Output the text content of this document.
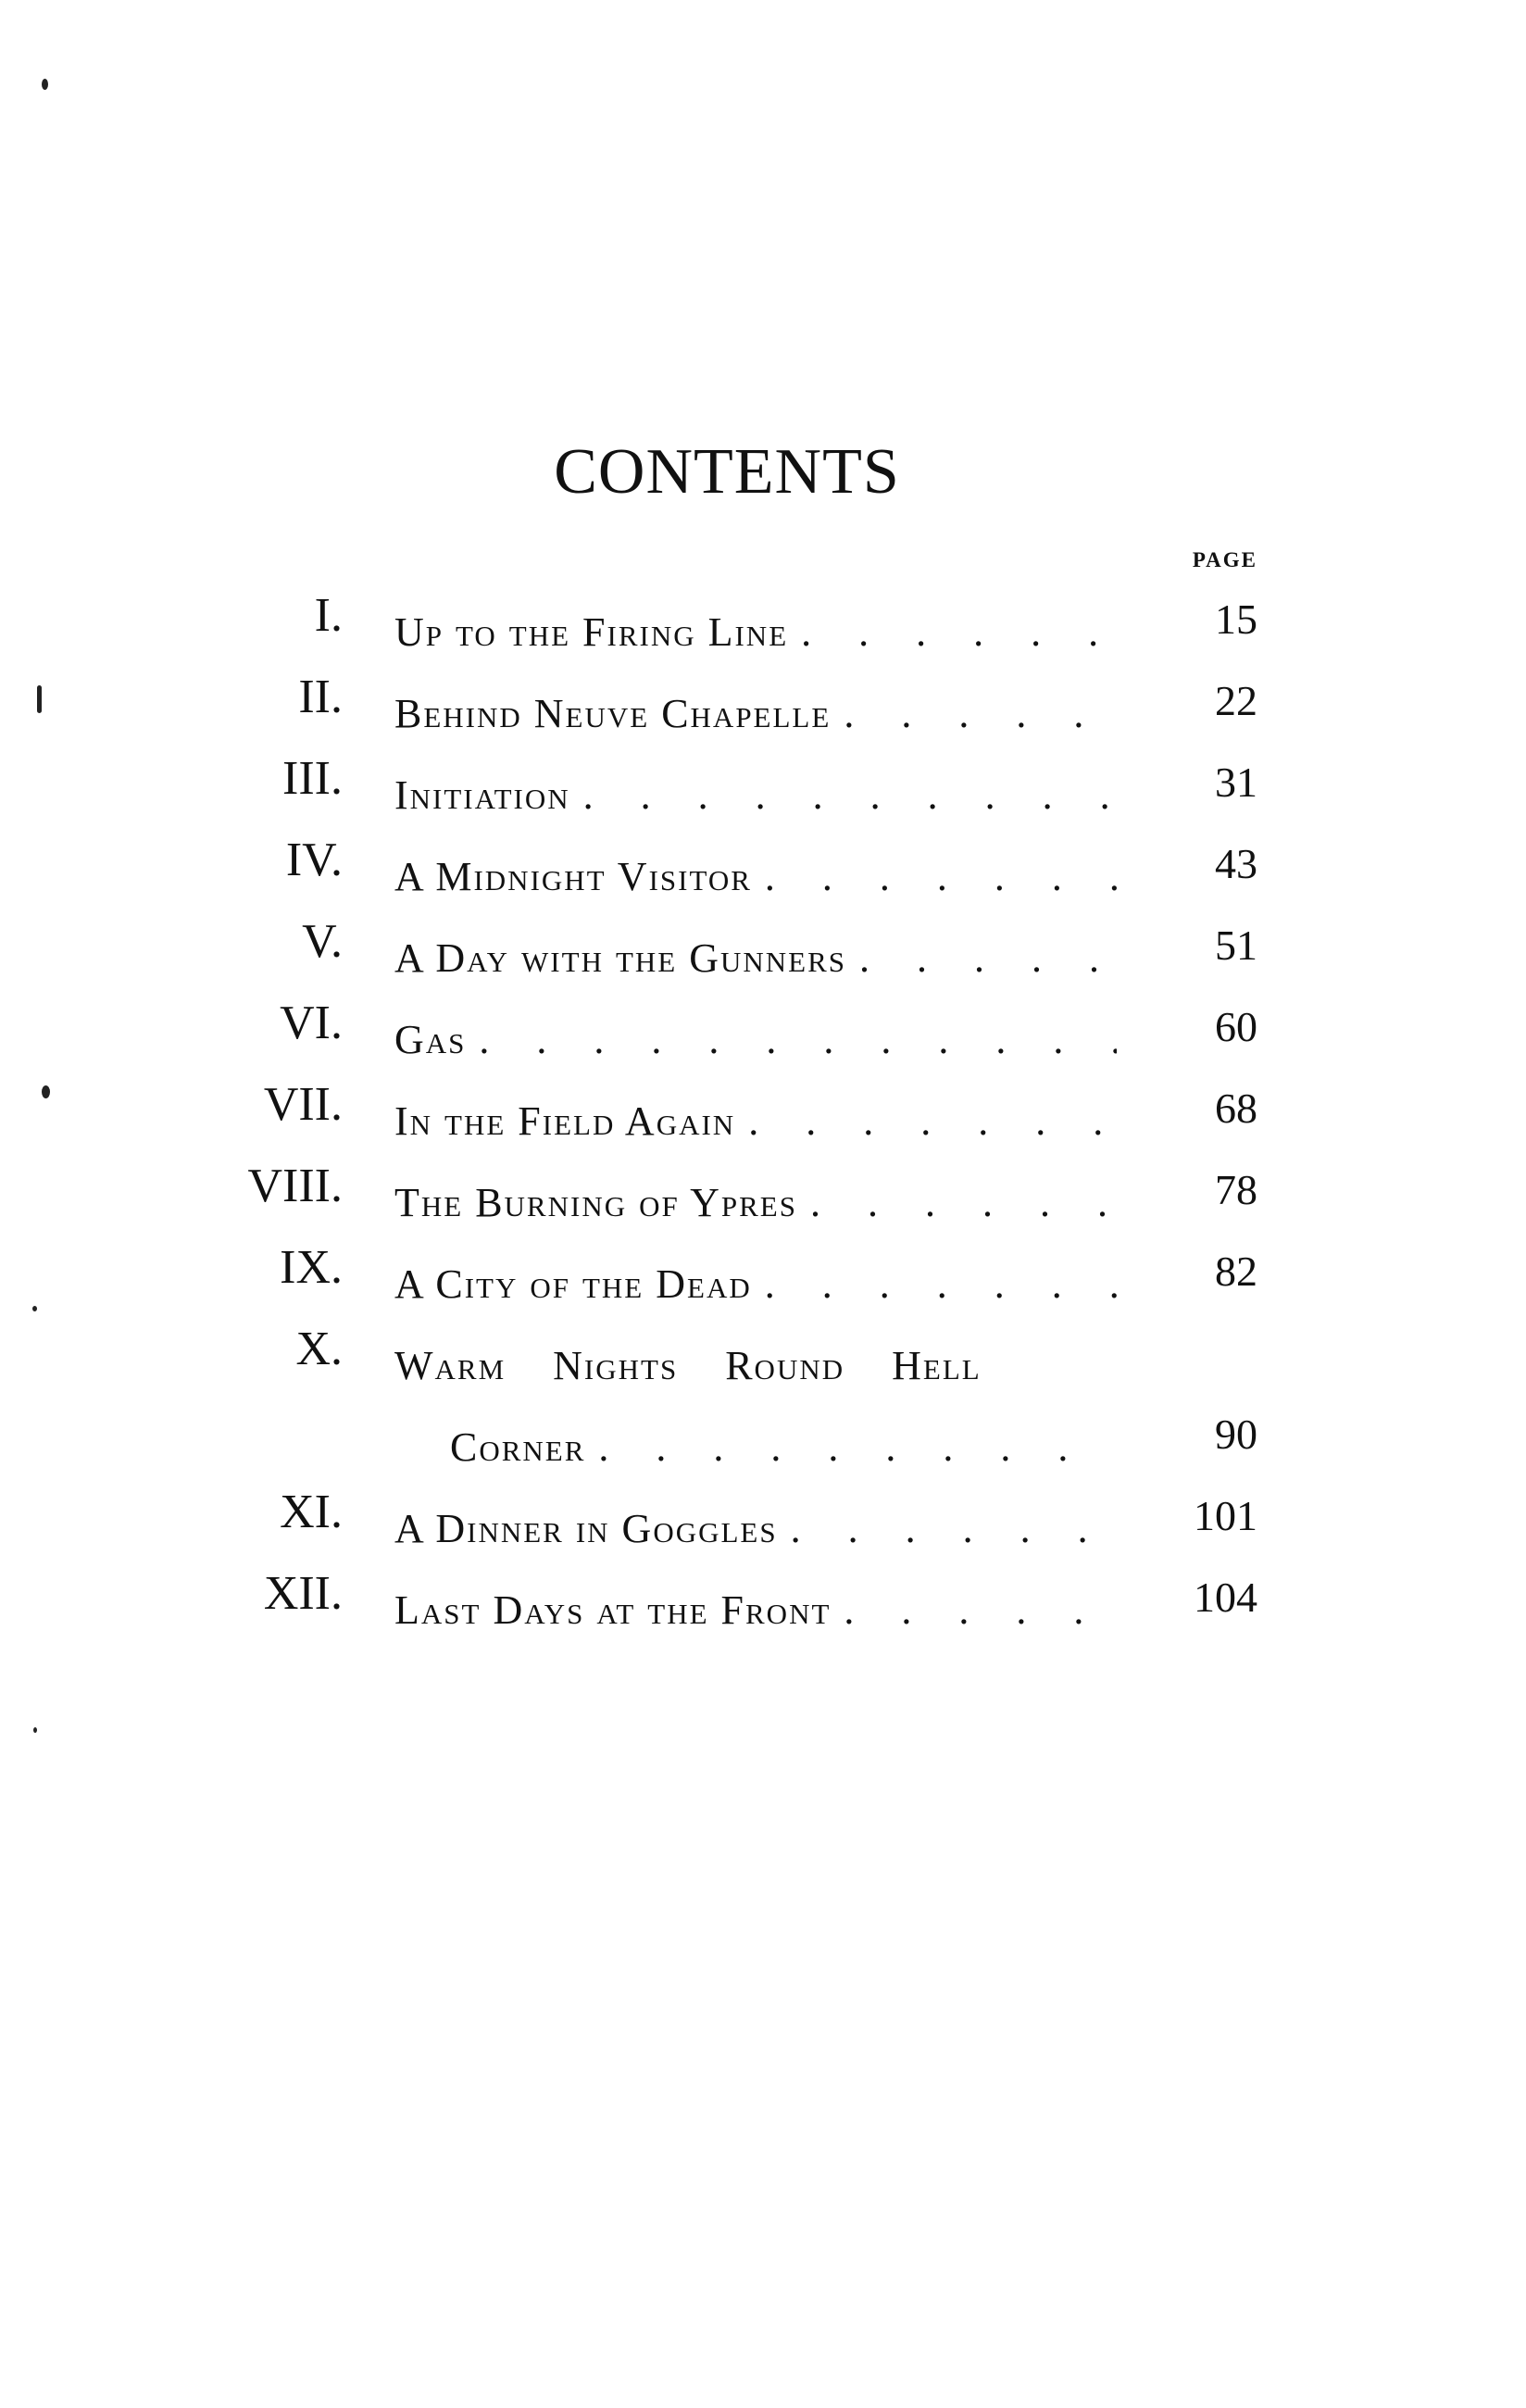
CONTENTS
PAGE
I. Up to the Firing Line . . .	15
II. Behind Neuve Chapelle . . .	22
III. Initiation . . .	31
IV. A Midnight Visitor . . .	43
V. A Day with the Gunners . . .	51
VI. Gas . . .	60
VII. In the Field Again . . .	68
VIII. The Burning of Ypres . . .	78
IX. A City of the Dead . . .	82
X. Warm Nights Round Hell
Corner . . .	90
XI. A Dinner in Goggles . . .	101
XII. Last Days at the Front . . .	104
